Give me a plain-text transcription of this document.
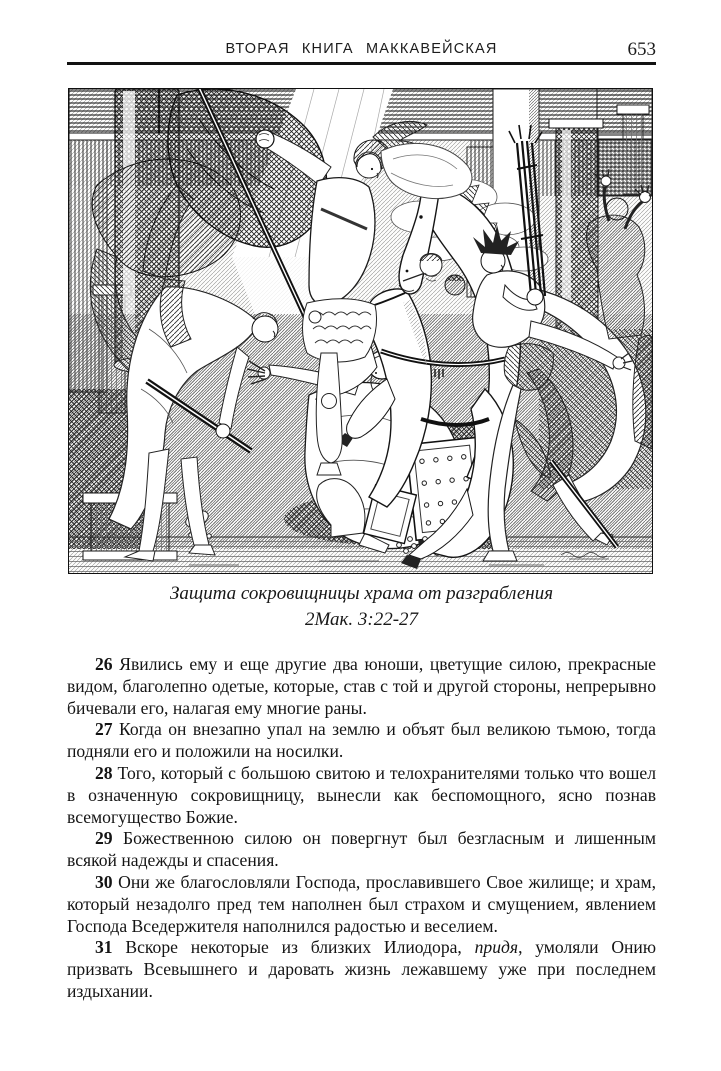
ВТОРАЯ КНИГА МАККАВЕЙСКАЯ	653
Защита сокровищницы храма от разграбления
2Мак. 3:22-27

26 Явились ему и еще другие два юноши, цветущие силою, прекрасные видом, благолепно одетые, которые, став с той и другой стороны, непрерывно бичевали его, налагая ему многие раны.

27 Когда он внезапно упал на землю и объят был великою тьмою, тогда подняли его и положили на носилки.

28 Того, который с большою свитою и телохранителями только что вошел в означенную сокровищницу, вынесли как беспомощного, ясно познав всемогущество Божие.

29 Божественною силою он повергнут был безгласным и лишенным всякой надежды и спасения.

30 Они же благословляли Господа, прославившего Свое жилище; и храм, который незадолго пред тем наполнен был страхом и смущением, явлением Господа Вседержителя наполнился радостью и веселием.

31 Вскоре некоторые из близких Илиодора, придя, умоляли Онию призвать Всевышнего и даровать жизнь лежавшему уже при последнем издыхании.
